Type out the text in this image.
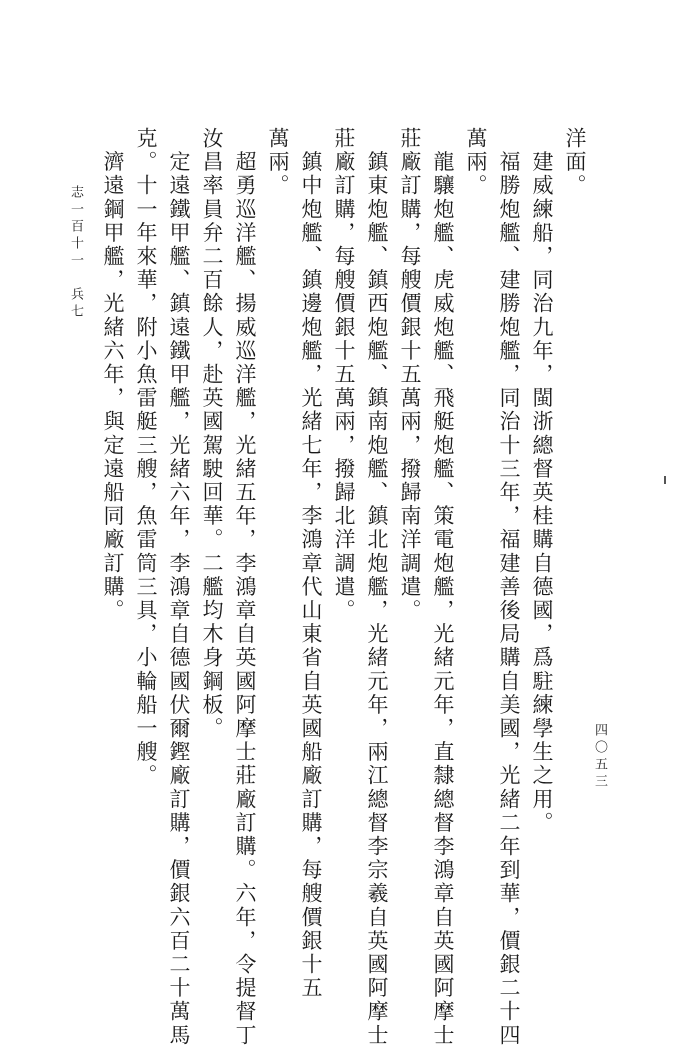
洋面。
　建威練船，同治九年，閩浙總督英桂購自德國，爲駐練學生之用。
　福勝炮艦、建勝炮艦，同治十三年，福建善後局購自美國，光緒二年到華，價銀二十四
萬兩。
　龍驤炮艦、虎威炮艦、飛艇炮艦、策電炮艦，光緒元年，直隸總督李鴻章自英國阿摩士
莊廠訂購，每艘價銀十五萬兩，撥歸南洋調遣。
　鎮東炮艦、鎮西炮艦、鎮南炮艦、鎮北炮艦，光緒元年，兩江總督李宗羲自英國阿摩士
莊廠訂購，每艘價銀十五萬兩，撥歸北洋調遣。
　鎮中炮艦、鎮邊炮艦，光緒七年，李鴻章代山東省自英國船廠訂購，每艘價銀十五
萬兩。
　超勇巡洋艦、揚威巡洋艦，光緒五年，李鴻章自英國阿摩士莊廠訂購。六年，令提督丁
汝昌率員弁二百餘人，赴英國駕駛回華。二艦均木身鋼板。
　定遠鐵甲艦、鎮遠鐵甲艦，光緒六年，李鴻章自德國伏爾鏗廠訂購，價銀六百二十萬馬
克。十一年來華，附小魚雷艇三艘，魚雷筒三具，小輪船一艘。
　濟遠鋼甲艦，光緒六年，與定遠船同廠訂購。
志一百十一　兵七
四〇五三
